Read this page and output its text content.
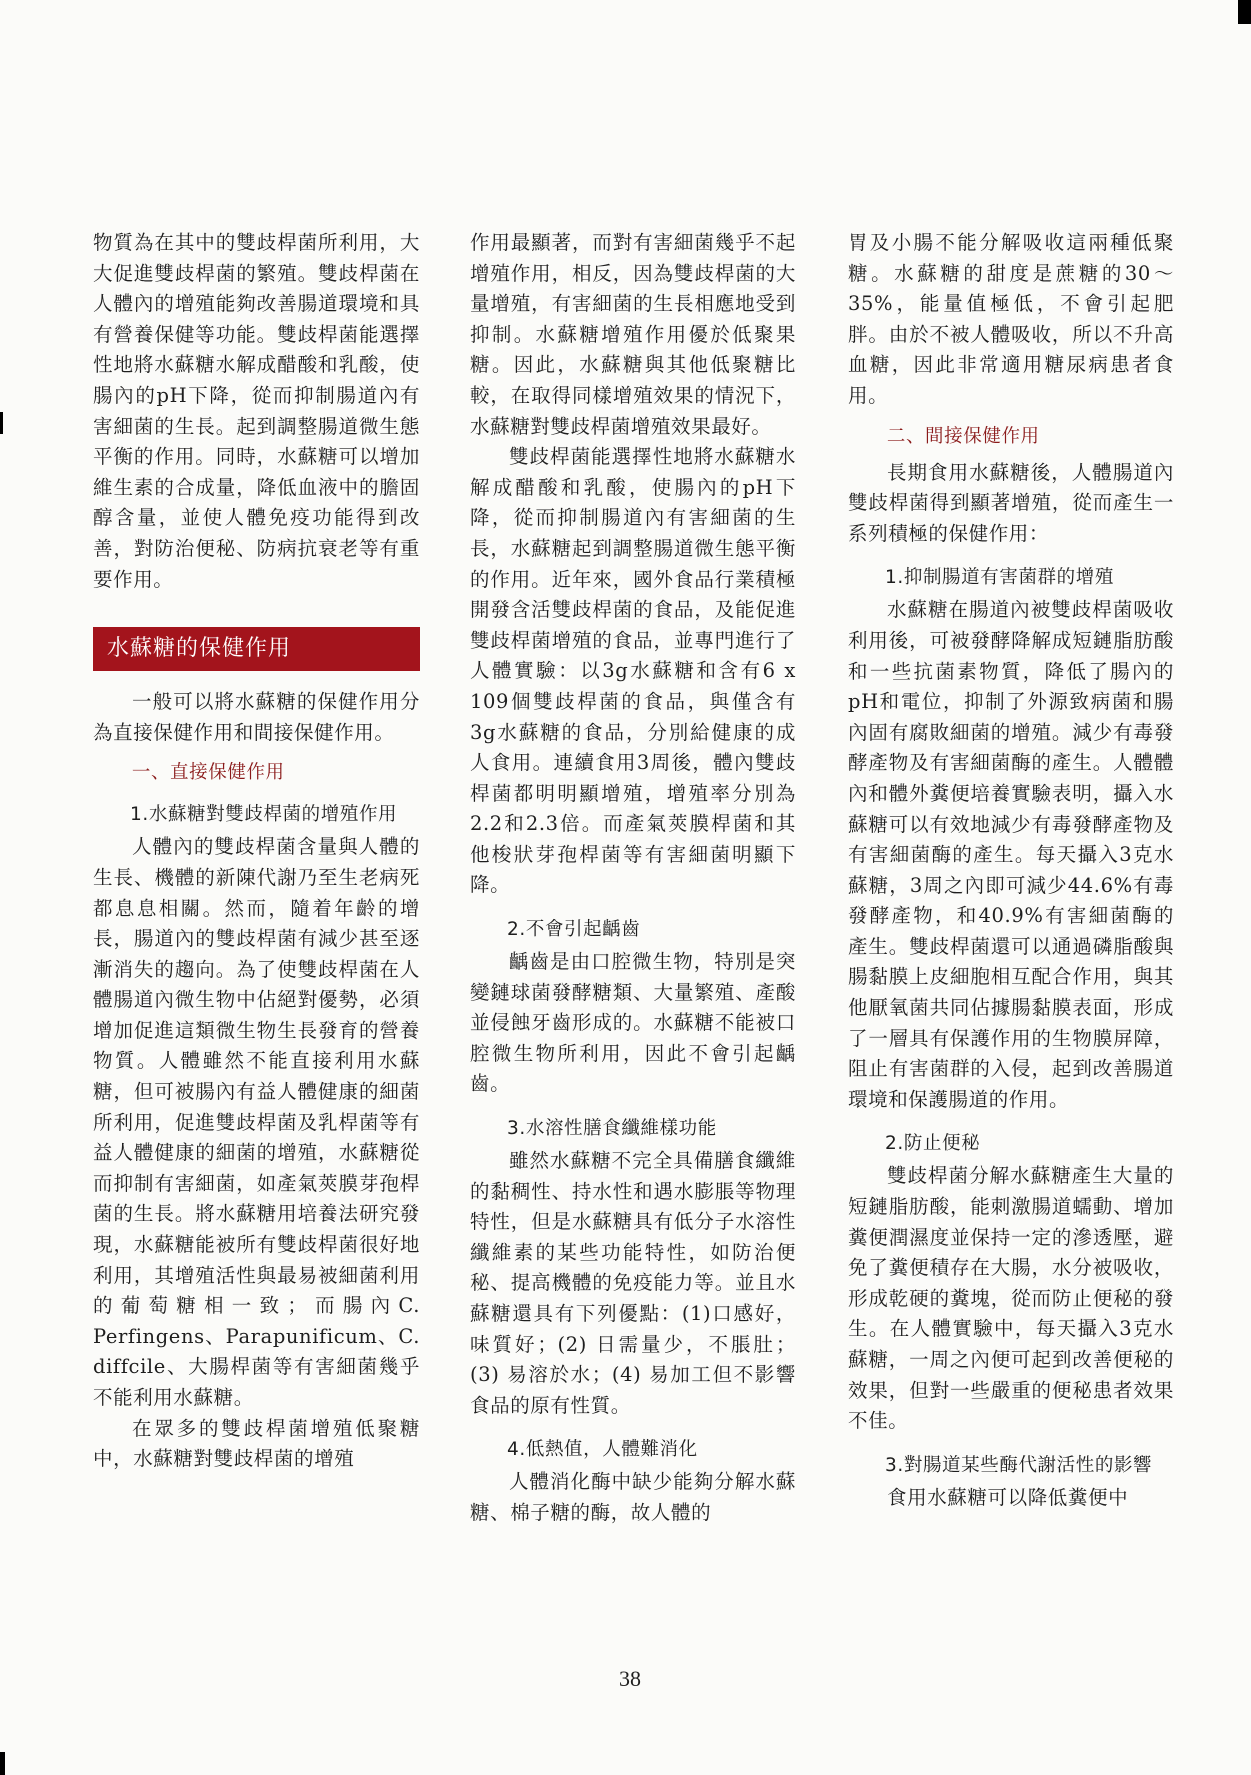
物質為在其中的雙歧桿菌所利用，大大促進雙歧桿菌的繁殖。雙歧桿菌在人體內的增殖能夠改善腸道環境和具有營養保健等功能。雙歧桿菌能選擇性地將水蘇糖水解成醋酸和乳酸，使腸內的pH下降，從而抑制腸道內有害細菌的生長。起到調整腸道微生態平衡的作用。同時，水蘇糖可以增加維生素的合成量，降低血液中的膽固醇含量，並使人體免疫功能得到改善，對防治便秘、防病抗衰老等有重要作用。

水蘇糖的保健作用

一般可以將水蘇糖的保健作用分為直接保健作用和間接保健作用。

一、直接保健作用
1.水蘇糖對雙歧桿菌的增殖作用

人體內的雙歧桿菌含量與人體的生長、機體的新陳代謝乃至生老病死都息息相關。然而，隨着年齡的增長，腸道內的雙歧桿菌有減少甚至逐漸消失的趨向。為了使雙歧桿菌在人體腸道內微生物中佔絕對優勢，必須增加促進這類微生物生長發育的營養物質。人體雖然不能直接利用水蘇糖，但可被腸內有益人體健康的細菌所利用，促進雙歧桿菌及乳桿菌等有益人體健康的細菌的增殖，水蘇糖從而抑制有害細菌，如產氣莢膜芽孢桿菌的生長。將水蘇糖用培養法研究發現，水蘇糖能被所有雙歧桿菌很好地利用，其增殖活性與最易被細菌利用的葡萄糖相一致；而腸內C. Perfingens、Parapunificum、C. diffcile、大腸桿菌等有害細菌幾乎不能利用水蘇糖。

在眾多的雙歧桿菌增殖低聚糖中，水蘇糖對雙歧桿菌的增殖

作用最顯著，而對有害細菌幾乎不起增殖作用，相反，因為雙歧桿菌的大量增殖，有害細菌的生長相應地受到抑制。水蘇糖增殖作用優於低聚果糖。因此，水蘇糖與其他低聚糖比較，在取得同樣增殖效果的情況下，水蘇糖對雙歧桿菌增殖效果最好。

雙歧桿菌能選擇性地將水蘇糖水解成醋酸和乳酸，使腸內的pH下降，從而抑制腸道內有害細菌的生長，水蘇糖起到調整腸道微生態平衡的作用。近年來，國外食品行業積極開發含活雙歧桿菌的食品，及能促進雙歧桿菌增殖的食品，並專門進行了人體實驗：以3g水蘇糖和含有6 x 109個雙歧桿菌的食品，與僅含有3g水蘇糖的食品，分別給健康的成人食用。連續食用3周後，體內雙歧桿菌都明明顯增殖，增殖率分別為2.2和2.3倍。而產氣莢膜桿菌和其他梭狀芽孢桿菌等有害細菌明顯下降。

2.不會引起齲齒

齲齒是由口腔微生物，特別是突變鏈球菌發酵糖類、大量繁殖、產酸並侵蝕牙齒形成的。水蘇糖不能被口腔微生物所利用，因此不會引起齲齒。

3.水溶性膳食纖維樣功能

雖然水蘇糖不完全具備膳食纖維的黏稠性、持水性和遇水膨脹等物理特性，但是水蘇糖具有低分子水溶性纖維素的某些功能特性，如防治便秘、提高機體的免疫能力等。並且水蘇糖還具有下列優點：(1)口感好，味質好；(2) 日需量少，不脹肚；(3) 易溶於水；(4) 易加工但不影響食品的原有性質。

4.低熱值，人體難消化

人體消化酶中缺少能夠分解水蘇糖、棉子糖的酶，故人體的

胃及小腸不能分解吸收這兩種低聚糖。水蘇糖的甜度是蔗糖的30～35%，能量值極低，不會引起肥胖。由於不被人體吸收，所以不升高血糖，因此非常適用糖尿病患者食用。

二、間接保健作用

長期食用水蘇糖後，人體腸道內雙歧桿菌得到顯著增殖，從而產生一系列積極的保健作用：

1.抑制腸道有害菌群的增殖

水蘇糖在腸道內被雙歧桿菌吸收利用後，可被發酵降解成短鏈脂肪酸和一些抗菌素物質，降低了腸內的pH和電位，抑制了外源致病菌和腸內固有腐敗細菌的增殖。減少有毒發酵產物及有害細菌酶的產生。人體體內和體外糞便培養實驗表明，攝入水蘇糖可以有效地減少有毒發酵產物及有害細菌酶的產生。每天攝入3克水蘇糖，3周之內即可減少44.6%有毒發酵產物，和40.9%有害細菌酶的產生。雙歧桿菌還可以通過磷脂酸與腸黏膜上皮細胞相互配合作用，與其他厭氧菌共同佔據腸黏膜表面，形成了一層具有保護作用的生物膜屏障，阻止有害菌群的入侵，起到改善腸道環境和保護腸道的作用。

2.防止便秘

雙歧桿菌分解水蘇糖產生大量的短鏈脂肪酸，能刺激腸道蠕動、增加糞便潤濕度並保持一定的滲透壓，避免了糞便積存在大腸，水分被吸收，形成乾硬的糞塊，從而防止便秘的發生。在人體實驗中，每天攝入3克水蘇糖，一周之內便可起到改善便秘的效果，但對一些嚴重的便秘患者效果不佳。

3.對腸道某些酶代謝活性的影響

食用水蘇糖可以降低糞便中

38
